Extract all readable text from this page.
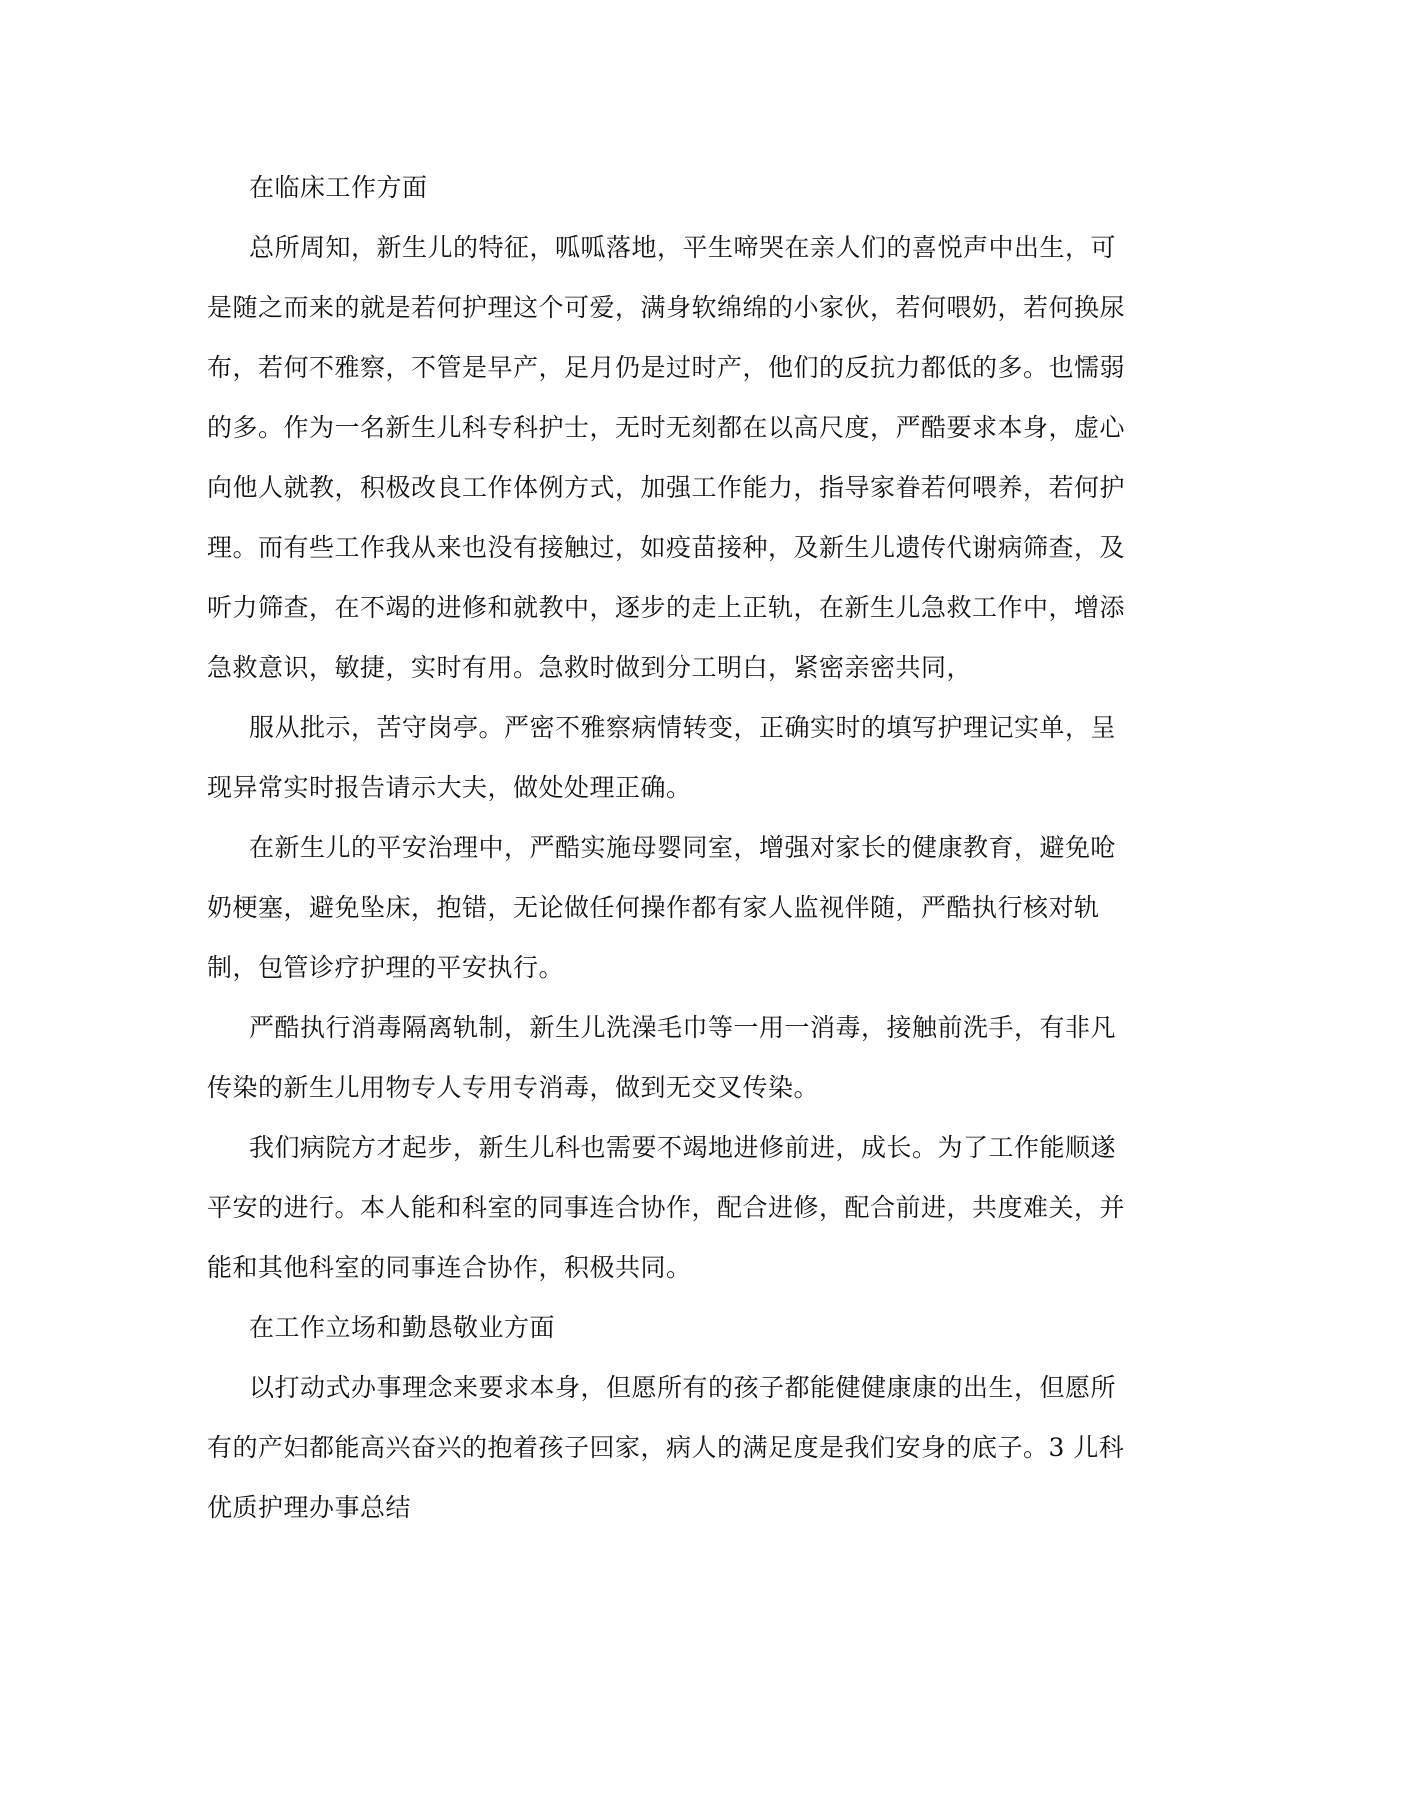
在临床工作方面
总所周知，新生儿的特征，呱呱落地，平生啼哭在亲人们的喜悦声中出生，可
是随之而来的就是若何护理这个可爱，满身软绵绵的小家伙，若何喂奶，若何换尿
布，若何不雅察，不管是早产，足月仍是过时产，他们的反抗力都低的多。也懦弱
的多。作为一名新生儿科专科护士，无时无刻都在以高尺度，严酷要求本身，虚心
向他人就教，积极改良工作体例方式，加强工作能力，指导家眷若何喂养，若何护
理。而有些工作我从来也没有接触过，如疫苗接种，及新生儿遗传代谢病筛查，及
听力筛查，在不竭的进修和就教中，逐步的走上正轨，在新生儿急救工作中，增添
急救意识，敏捷，实时有用。急救时做到分工明白，紧密亲密共同，
服从批示，苦守岗亭。严密不雅察病情转变，正确实时的填写护理记实单，呈
现异常实时报告请示大夫，做处处理正确。
在新生儿的平安治理中，严酷实施母婴同室，增强对家长的健康教育，避免呛
奶梗塞，避免坠床，抱错，无论做任何操作都有家人监视伴随，严酷执行核对轨
制，包管诊疗护理的平安执行。
严酷执行消毒隔离轨制，新生儿洗澡毛巾等一用一消毒，接触前洗手，有非凡
传染的新生儿用物专人专用专消毒，做到无交叉传染。
我们病院方才起步，新生儿科也需要不竭地进修前进，成长。为了工作能顺遂
平安的进行。本人能和科室的同事连合协作，配合进修，配合前进，共度难关，并
能和其他科室的同事连合协作，积极共同。
在工作立场和勤恳敬业方面
以打动式办事理念来要求本身，但愿所有的孩子都能健健康康的出生，但愿所
有的产妇都能高兴奋兴的抱着孩子回家，病人的满足度是我们安身的底子。3 儿科
优质护理办事总结
